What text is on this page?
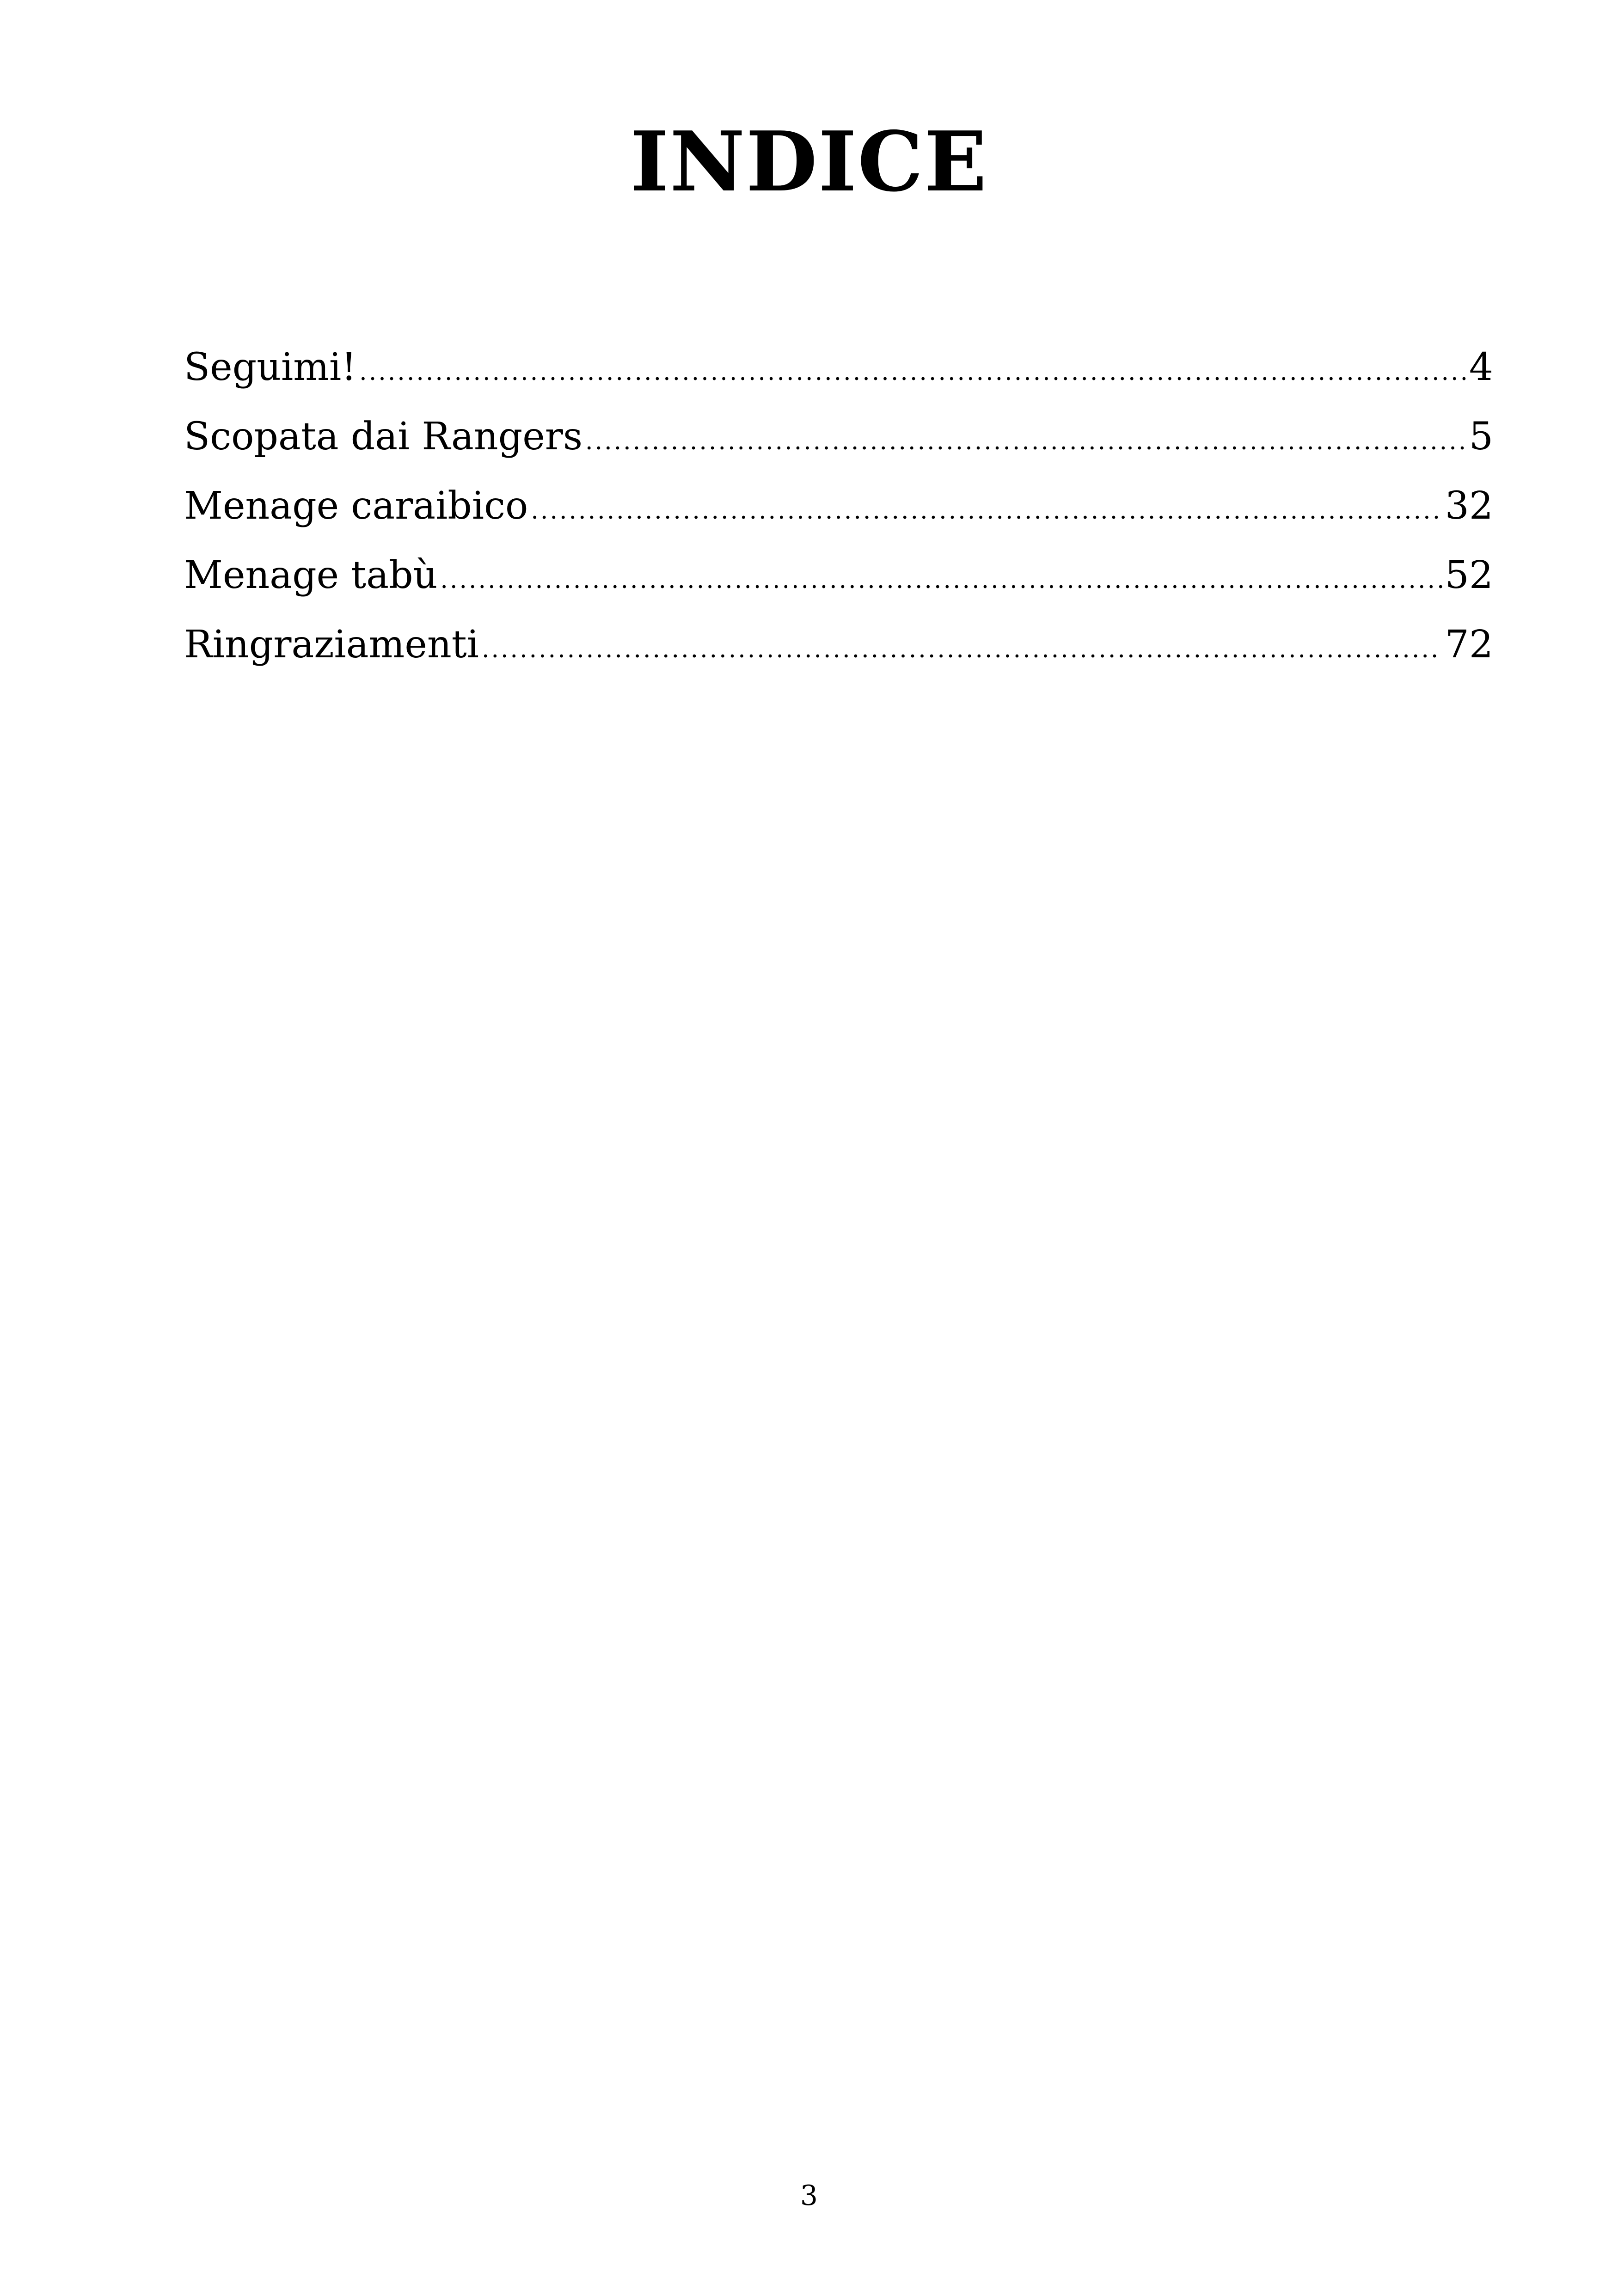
INDICE
Seguimi! .....	4
Scopata dai Rangers .....	5
Menage caraibico .....	32
Menage tabù .....	52
Ringraziamenti .....	72
3
